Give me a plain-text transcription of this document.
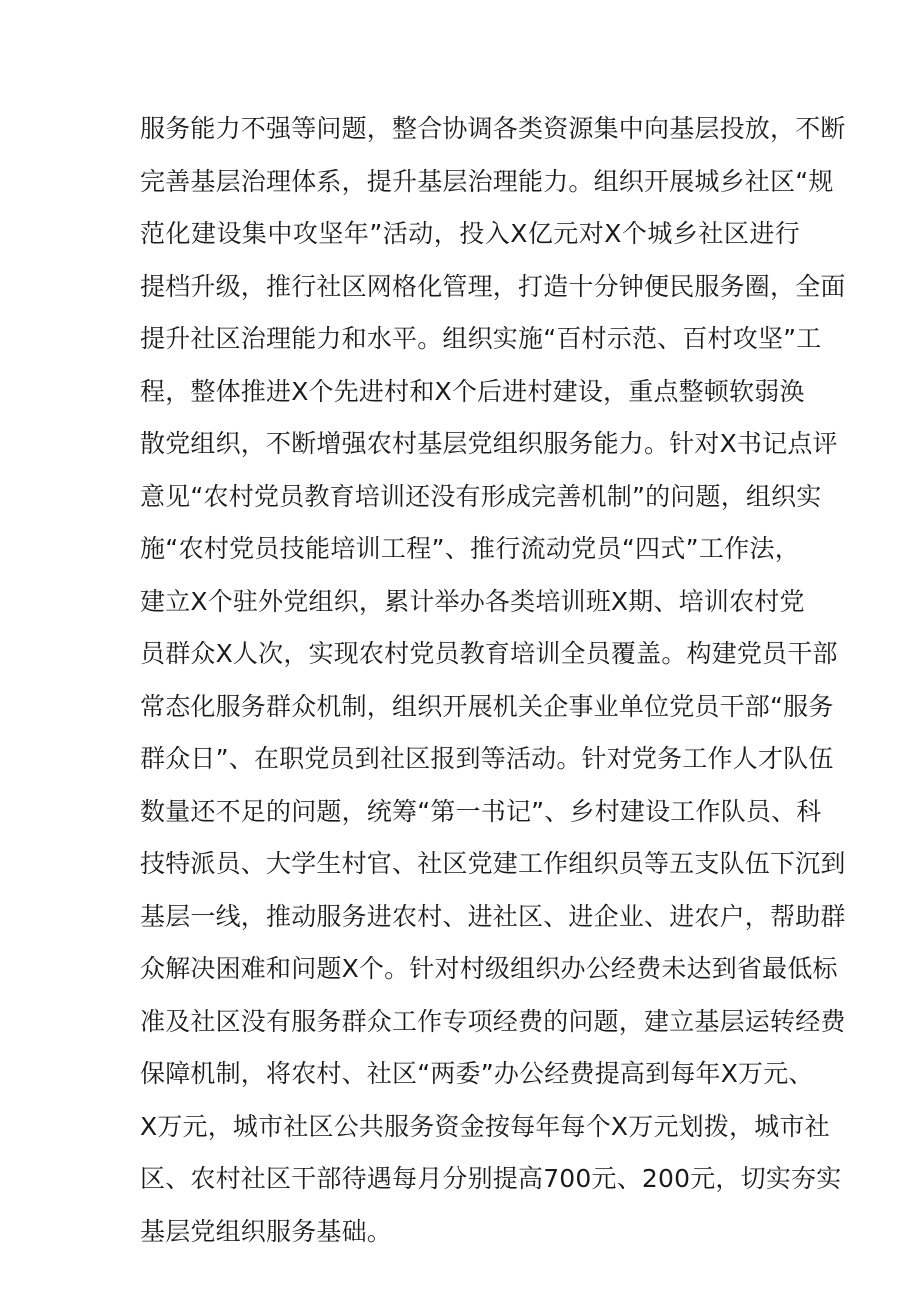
服务能力不强等问题，整合协调各类资源集中向基层投放，不断
完善基层治理体系，提升基层治理能力。组织开展城乡社区“规
范化建设集中攻坚年”活动，投入X亿元对X个城乡社区进行
提档升级，推行社区网格化管理，打造十分钟便民服务圈，全面
提升社区治理能力和水平。组织实施“百村示范、百村攻坚”工
程，整体推进X个先进村和X个后进村建设，重点整顿软弱涣
散党组织，不断增强农村基层党组织服务能力。针对X书记点评
意见“农村党员教育培训还没有形成完善机制”的问题，组织实
施“农村党员技能培训工程”、推行流动党员“四式”工作法，
建立X个驻外党组织，累计举办各类培训班X期、培训农村党
员群众X人次，实现农村党员教育培训全员覆盖。构建党员干部
常态化服务群众机制，组织开展机关企事业单位党员干部“服务
群众日”、在职党员到社区报到等活动。针对党务工作人才队伍
数量还不足的问题，统筹“第一书记”、乡村建设工作队员、科
技特派员、大学生村官、社区党建工作组织员等五支队伍下沉到
基层一线，推动服务进农村、进社区、进企业、进农户，帮助群
众解决困难和问题X个。针对村级组织办公经费未达到省最低标
准及社区没有服务群众工作专项经费的问题，建立基层运转经费
保障机制，将农村、社区“两委”办公经费提高到每年X万元、
X万元，城市社区公共服务资金按每年每个X万元划拨，城市社
区、农村社区干部待遇每月分别提高700元、200元，切实夯实
基层党组织服务基础。
